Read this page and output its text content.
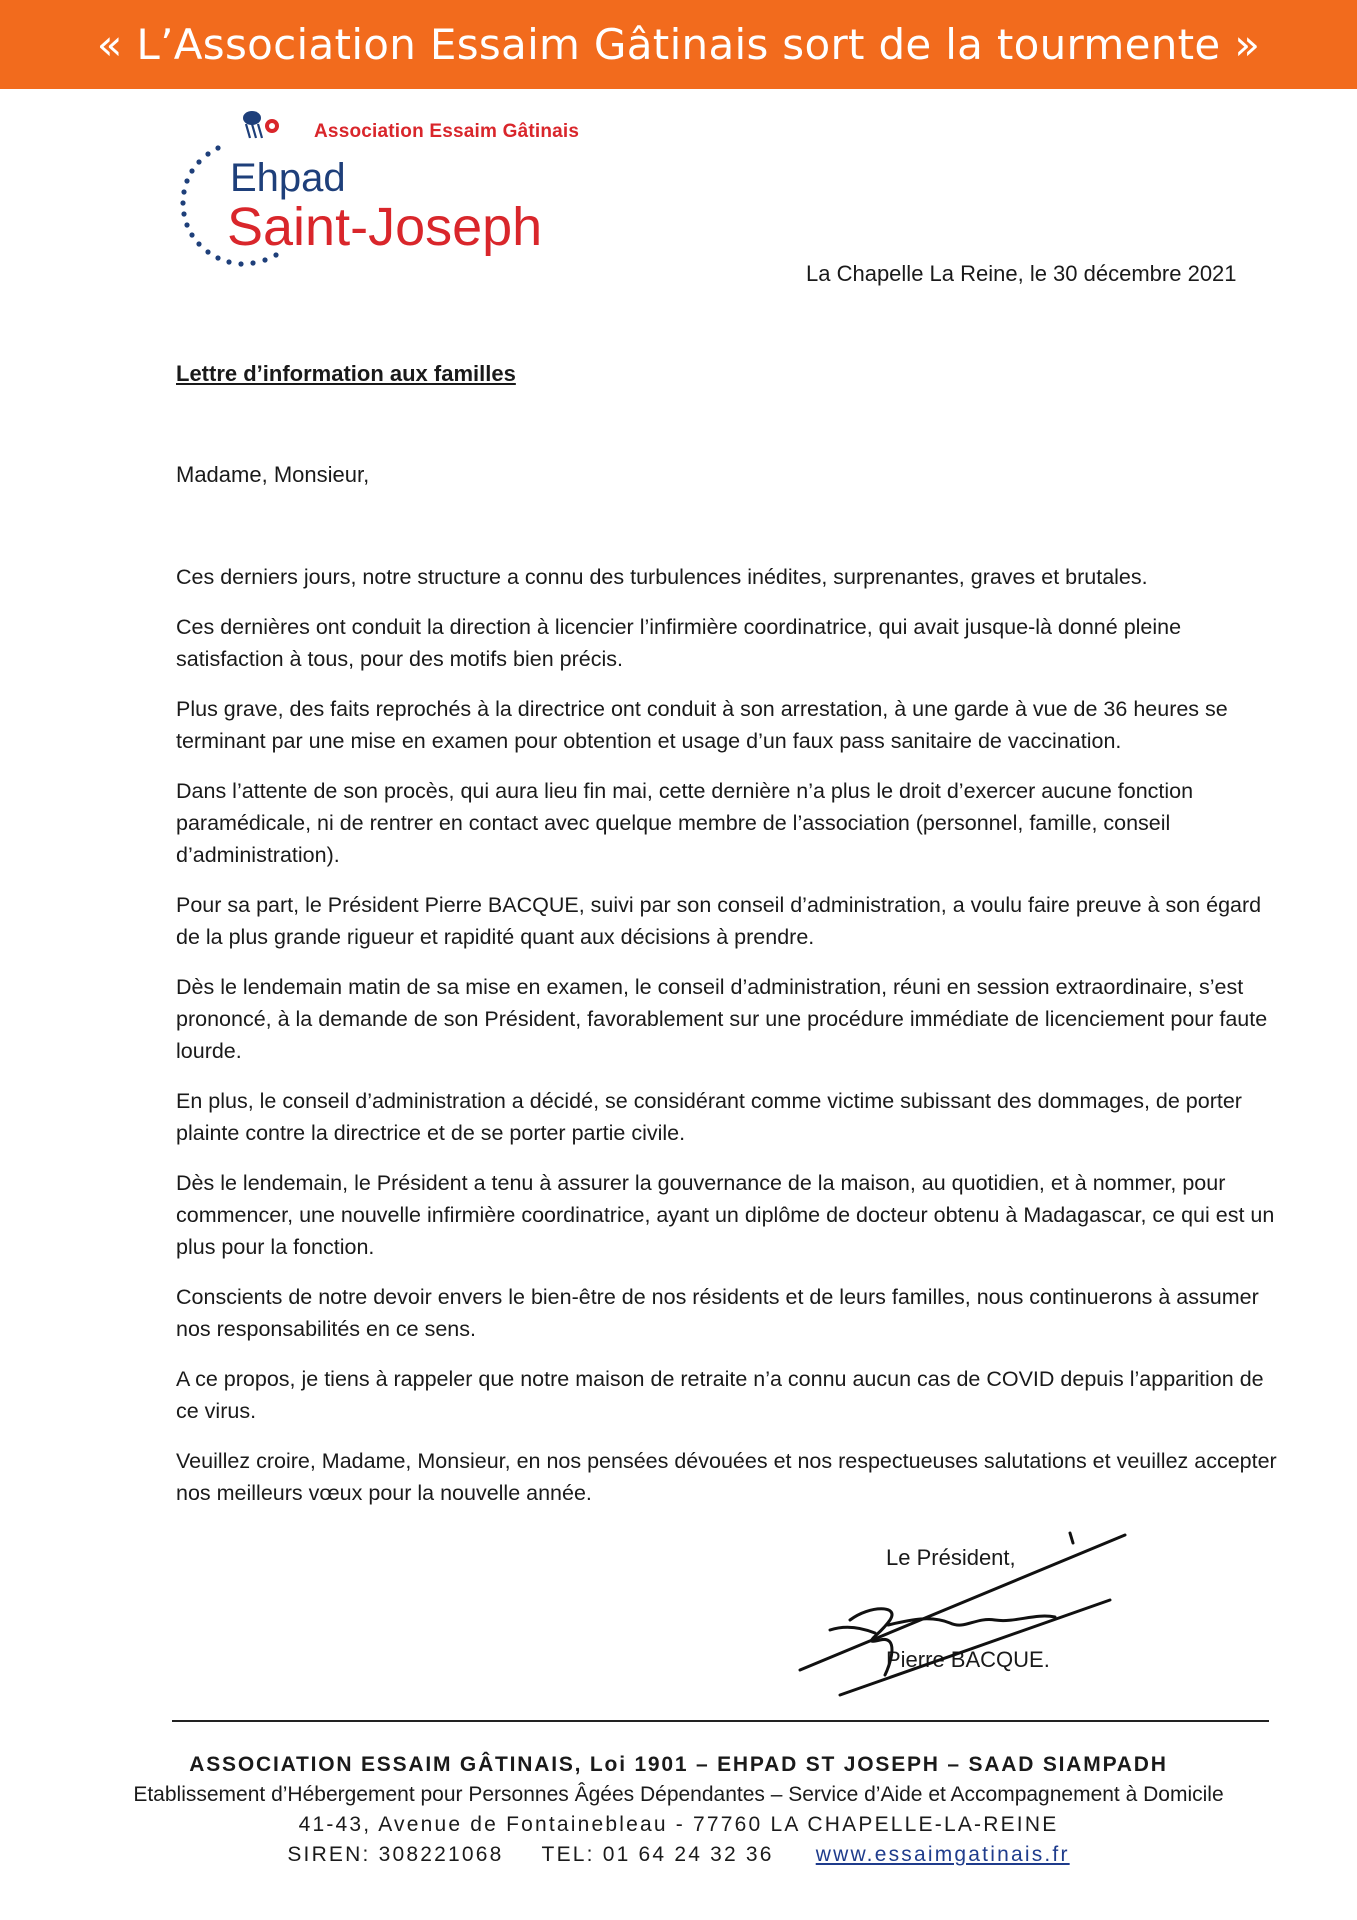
« L’Association Essaim Gâtinais sort de la tourmente »
Association Essaim Gâtinais
Ehpad
Saint-Joseph
La Chapelle La Reine, le 30 décembre 2021
Lettre d’information aux familles
Madame, Monsieur,

Ces derniers jours, notre structure a connu des turbulences inédites, surprenantes, graves et brutales.

Ces dernières ont conduit la direction à licencier l’infirmière coordinatrice, qui avait jusque-là donné pleine satisfaction à tous, pour des motifs bien précis.

Plus grave, des faits reprochés à la directrice ont conduit à son arrestation, à une garde à vue de 36 heures se terminant par une mise en examen pour obtention et usage d’un faux pass sanitaire de vaccination.

Dans l’attente de son procès, qui aura lieu fin mai, cette dernière n’a plus le droit d’exercer aucune fonction paramédicale, ni de rentrer en contact avec quelque membre de l’association (personnel, famille, conseil d’administration).

Pour sa part, le Président Pierre BACQUE, suivi par son conseil d’administration, a voulu faire preuve à son égard de la plus grande rigueur et rapidité quant aux décisions à prendre.

Dès le lendemain matin de sa mise en examen, le conseil d’administration, réuni en session extraordinaire, s’est prononcé, à la demande de son Président, favorablement sur une procédure immédiate de licenciement pour faute lourde.

En plus, le conseil d’administration a décidé, se considérant comme victime subissant des dommages, de porter plainte contre la directrice et de se porter partie civile.

Dès le lendemain, le Président a tenu à assurer la gouvernance de la maison, au quotidien, et à nommer, pour commencer, une nouvelle infirmière coordinatrice, ayant un diplôme de docteur obtenu à Madagascar, ce qui est un plus pour la fonction.

Conscients de notre devoir envers le bien-être de nos résidents et de leurs familles, nous continuerons à assumer nos responsabilités en ce sens.

A ce propos, je tiens à rappeler que notre maison de retraite n’a connu aucun cas de COVID depuis l’apparition de ce virus.

Veuillez croire, Madame, Monsieur, en nos pensées dévouées et nos respectueuses salutations et veuillez accepter nos meilleurs vœux pour la nouvelle année.

Le Président,
Pierre BACQUE.
ASSOCIATION ESSAIM GÂTINAIS, Loi 1901 – EHPAD ST JOSEPH – SAAD SIAMPADH
Etablissement d’Hébergement pour Personnes Âgées Dépendantes – Service d’Aide et Accompagnement à Domicile
41-43, Avenue de Fontainebleau - 77760 LA CHAPELLE-LA-REINE
SIREN: 308221068 TEL: 01 64 24 32 36 www.essaimgatinais.fr
